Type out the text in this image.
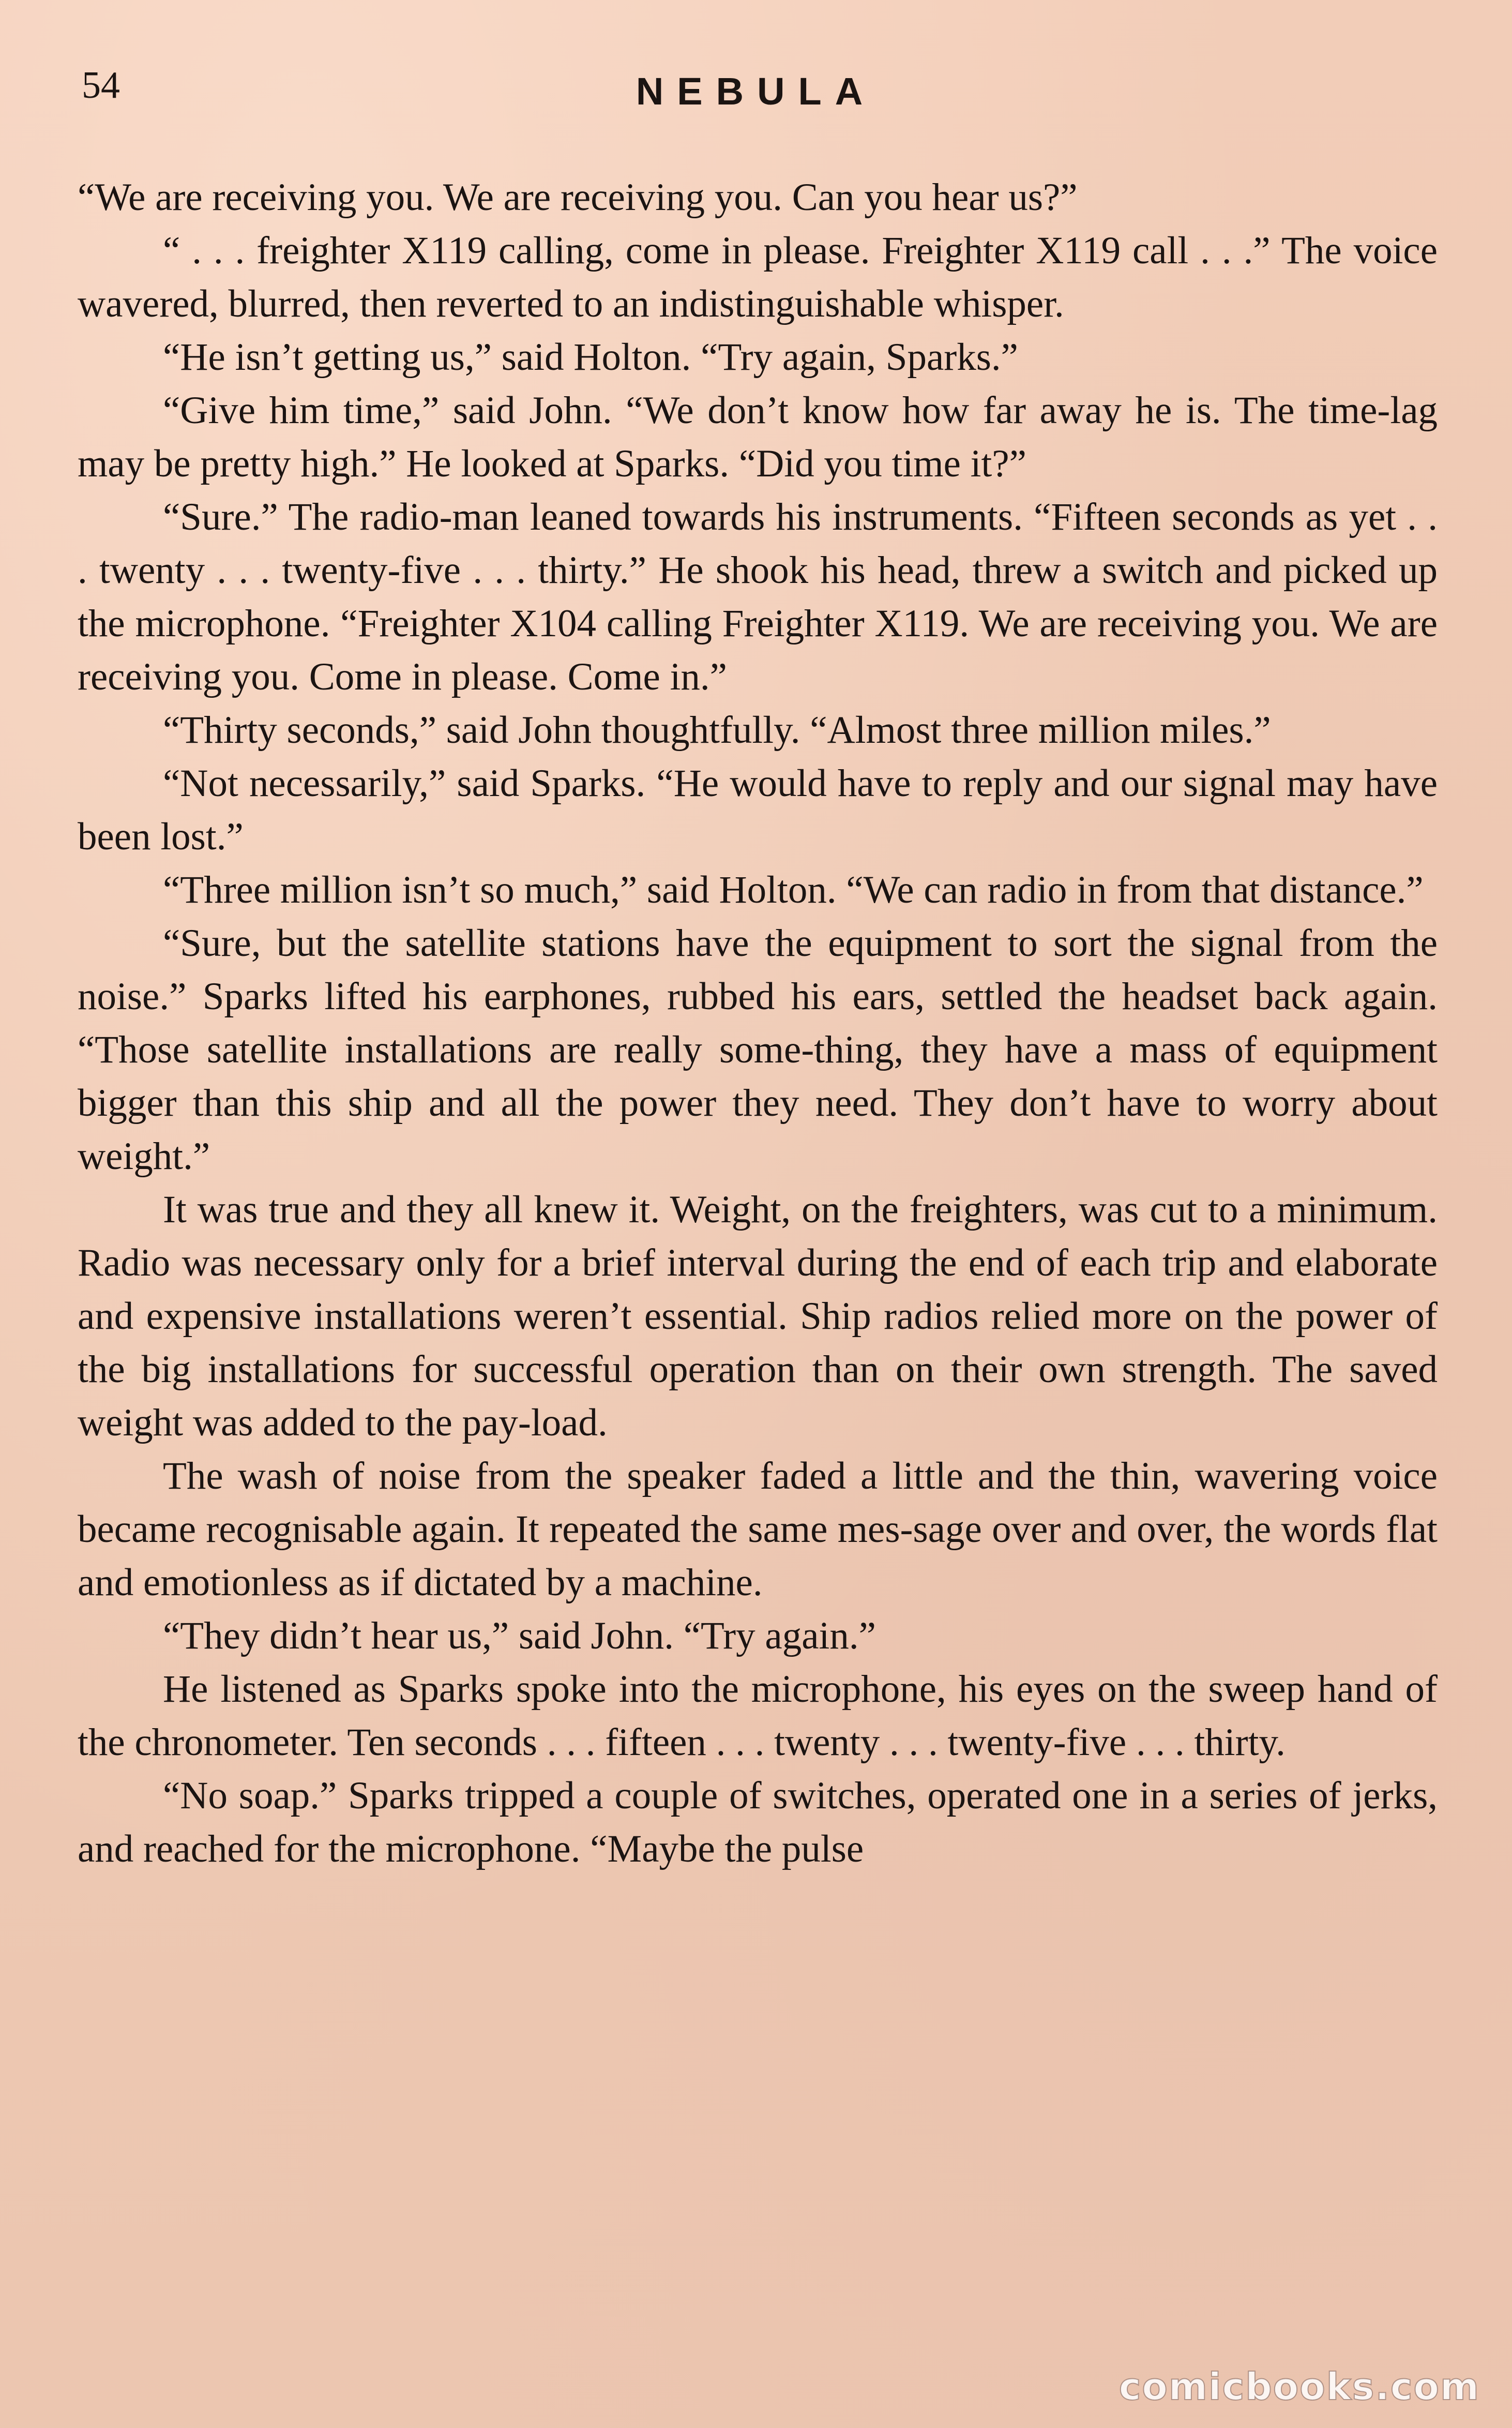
54	NEBULA

“We are receiving you. We are receiving you. Can you hear us?”

“ . . . freighter X119 calling, come in please. Freighter X119 call . . .” The voice wavered, blurred, then reverted to an indistinguishable whisper.

“He isn’t getting us,” said Holton. “Try again, Sparks.”

“Give him time,” said John. “We don’t know how far away he is. The time-lag may be pretty high.” He looked at Sparks. “Did you time it?”

“Sure.” The radio-man leaned towards his instruments. “Fifteen seconds as yet . . . twenty . . . twenty-five . . . thirty.” He shook his head, threw a switch and picked up the microphone. “Freighter X104 calling Freighter X119. We are receiving you. We are receiving you. Come in please. Come in.”

“Thirty seconds,” said John thoughtfully. “Almost three million miles.”

“Not necessarily,” said Sparks. “He would have to reply and our signal may have been lost.”

“Three million isn’t so much,” said Holton. “We can radio in from that distance.”

“Sure, but the satellite stations have the equipment to sort the signal from the noise.” Sparks lifted his earphones, rubbed his ears, settled the headset back again. “Those satellite installations are really some-thing, they have a mass of equipment bigger than this ship and all the power they need. They don’t have to worry about weight.”

It was true and they all knew it. Weight, on the freighters, was cut to a minimum. Radio was necessary only for a brief interval during the end of each trip and elaborate and expensive installations weren’t essential. Ship radios relied more on the power of the big installations for successful operation than on their own strength. The saved weight was added to the pay-load.

The wash of noise from the speaker faded a little and the thin, wavering voice became recognisable again. It repeated the same mes-sage over and over, the words flat and emotionless as if dictated by a machine.

“They didn’t hear us,” said John. “Try again.”

He listened as Sparks spoke into the microphone, his eyes on the sweep hand of the chronometer. Ten seconds . . . fifteen . . . twenty . . . twenty-five . . . thirty.

“No soap.” Sparks tripped a couple of switches, operated one in a series of jerks, and reached for the microphone. “Maybe the pulse

comicbooks.com
